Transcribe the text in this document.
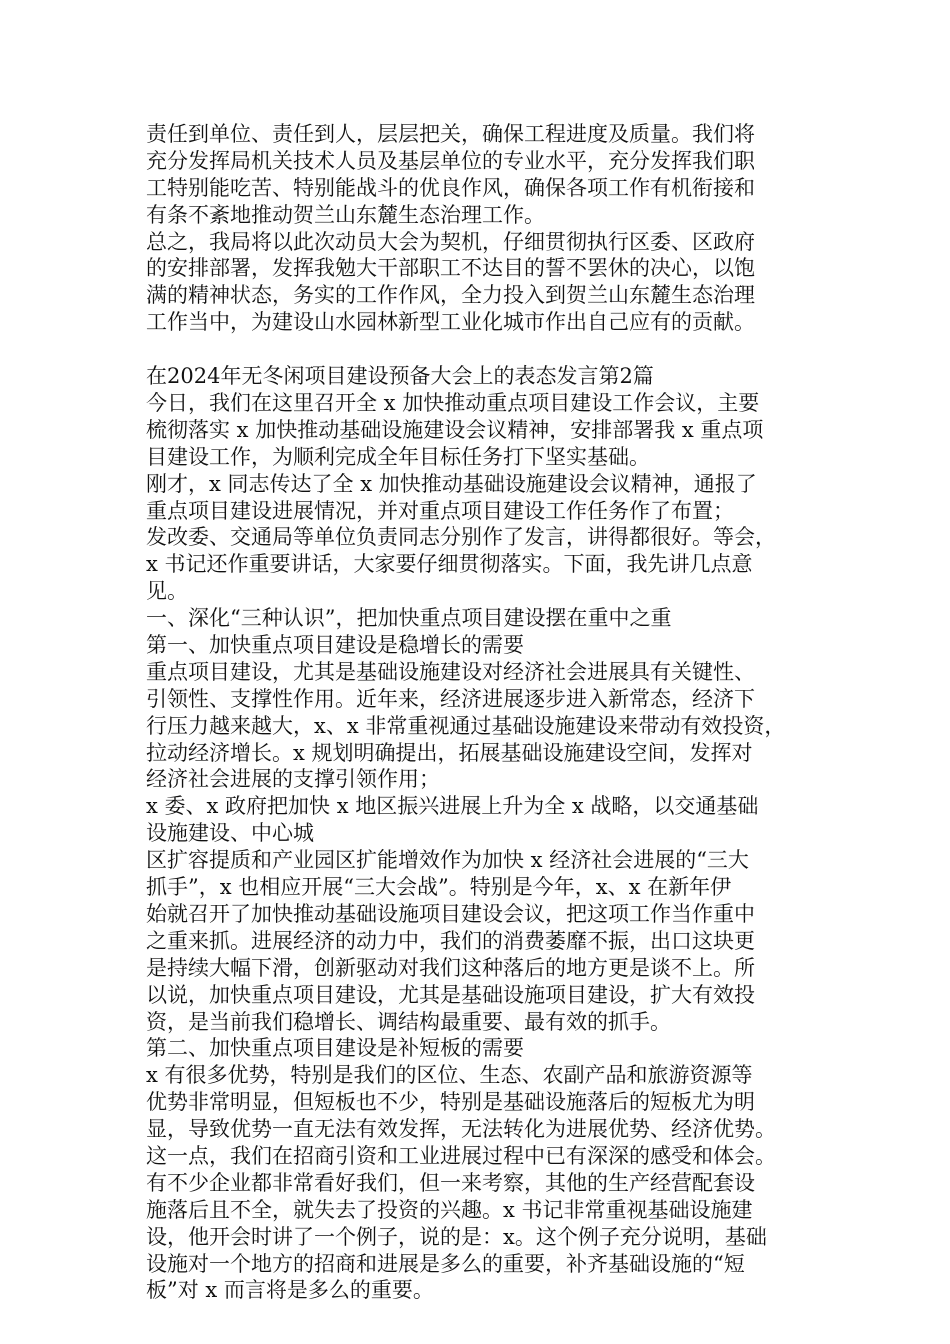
责任到单位、责任到人，层层把关，确保工程进度及质量。我们将
充分发挥局机关技术人员及基层单位的专业水平，充分发挥我们职
工特别能吃苦、特别能战斗的优良作风，确保各项工作有机衔接和
有条不紊地推动贺兰山东麓生态治理工作。
总之，我局将以此次动员大会为契机，仔细贯彻执行区委、区政府
的安排部署，发挥我勉大干部职工不达目的誓不罢休的决心，以饱
满的精神状态，务实的工作作风，全力投入到贺兰山东麓生态治理
工作当中，为建设山水园林新型工业化城市作出自己应有的贡献。
在2024年无冬闲项目建设预备大会上的表态发言第2篇
今日，我们在这里召开全 x 加快推动重点项目建设工作会议，主要
梳彻落实 x 加快推动基础设施建设会议精神，安排部署我 x 重点项
目建设工作，为顺利完成全年目标任务打下坚实基础。
刚才，x 同志传达了全 x 加快推动基础设施建设会议精神，通报了
重点项目建设进展情况，并对重点项目建设工作任务作了布置；
发改委、交通局等单位负责同志分别作了发言，讲得都很好。等会，
x 书记还作重要讲话，大家要仔细贯彻落实。下面，我先讲几点意
见。
一、深化“三种认识”，把加快重点项目建设摆在重中之重
第一、加快重点项目建设是稳增长的需要
重点项目建设，尤其是基础设施建设对经济社会进展具有关键性、
引领性、支撑性作用。近年来，经济进展逐步进入新常态，经济下
行压力越来越大，x、x 非常重视通过基础设施建设来带动有效投资，
拉动经济增长。x 规划明确提出，拓展基础设施建设空间，发挥对
经济社会进展的支撑引领作用；
x 委、x 政府把加快 x 地区振兴进展上升为全 x 战略，以交通基础
设施建设、中心城
区扩容提质和产业园区扩能增效作为加快 x 经济社会进展的“三大
抓手”，x 也相应开展“三大会战”。特别是今年，x、x 在新年伊
始就召开了加快推动基础设施项目建设会议，把这项工作当作重中
之重来抓。进展经济的动力中，我们的消费萎靡不振，出口这块更
是持续大幅下滑，创新驱动对我们这种落后的地方更是谈不上。所
以说，加快重点项目建设，尤其是基础设施项目建设，扩大有效投
资，是当前我们稳增长、调结构最重要、最有效的抓手。
第二、加快重点项目建设是补短板的需要
x 有很多优势，特别是我们的区位、生态、农副产品和旅游资源等
优势非常明显，但短板也不少，特别是基础设施落后的短板尤为明
显，导致优势一直无法有效发挥，无法转化为进展优势、经济优势。
这一点，我们在招商引资和工业进展过程中已有深深的感受和体会。
有不少企业都非常看好我们，但一来考察，其他的生产经营配套设
施落后且不全，就失去了投资的兴趣。x 书记非常重视基础设施建
设，他开会时讲了一个例子，说的是：x。这个例子充分说明，基础
设施对一个地方的招商和进展是多么的重要，补齐基础设施的“短
板”对 x 而言将是多么的重要。
